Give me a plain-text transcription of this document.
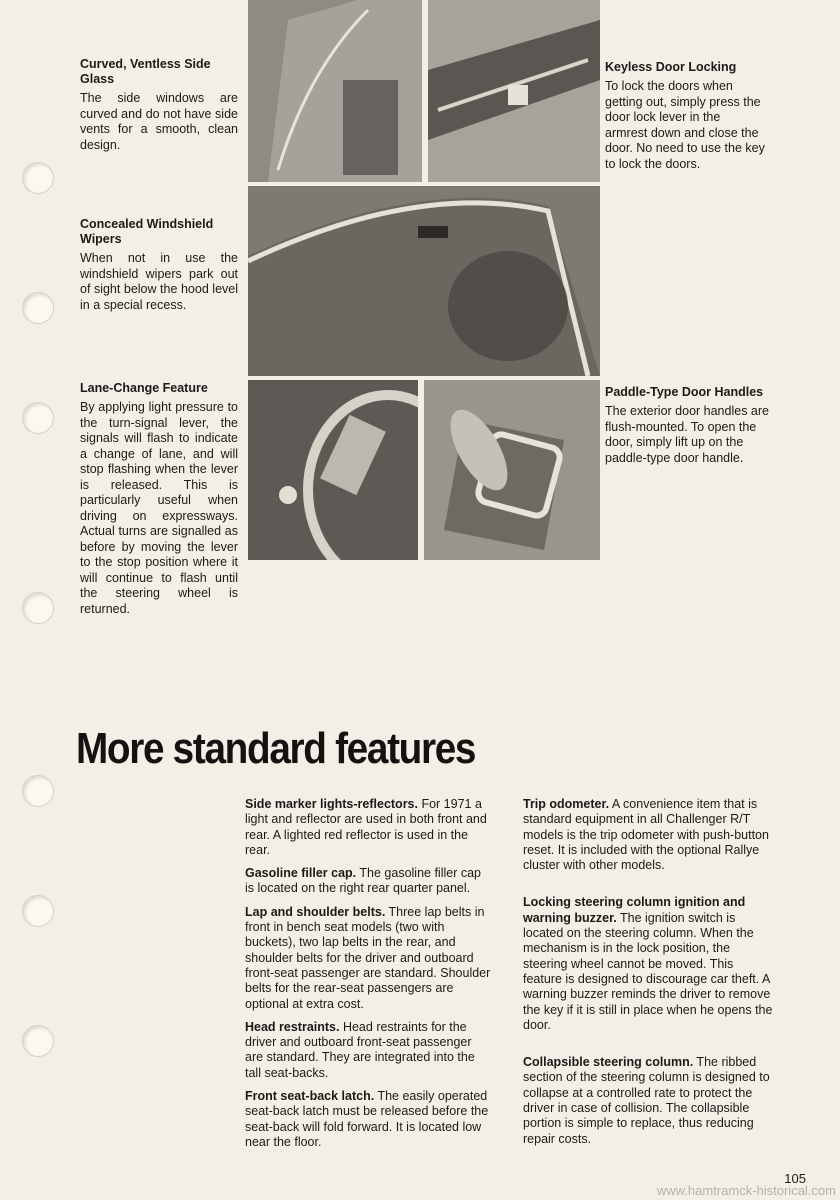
Curved, Ventless Side Glass

The side windows are curved and do not have side vents for a smooth, clean design.

Keyless Door Locking

To lock the doors when getting out, simply press the door lock lever in the armrest down and close the door. No need to use the key to lock the doors.

Concealed Windshield Wipers

When not in use the windshield wipers park out of sight below the hood level in a special recess.

Lane-Change Feature

By applying light pressure to the turn-signal lever, the signals will flash to indicate a change of lane, and will stop flashing when the lever is released. This is particularly useful when driving on expressways. Actual turns are signalled as before by moving the lever to the stop position where it will continue to flash until the steering wheel is returned.

Paddle-Type Door Handles

The exterior door handles are flush-mounted. To open the door, simply lift up on the paddle-type door handle.

More standard features

Side marker lights-reflectors. For 1971 a light and reflector are used in both front and rear. A lighted red reflector is used in the rear.

Gasoline filler cap. The gasoline filler cap is located on the right rear quarter panel.

Lap and shoulder belts. Three lap belts in front in bench seat models (two with buckets), two lap belts in the rear, and shoulder belts for the driver and outboard front-seat passenger are standard. Shoulder belts for the rear-seat passengers are optional at extra cost.

Head restraints. Head restraints for the driver and outboard front-seat passenger are standard. They are integrated into the tall seat-backs.

Front seat-back latch. The easily operated seat-back latch must be released before the seat-back will fold forward. It is located low near the floor.

Trip odometer. A convenience item that is standard equipment in all Challenger R/T models is the trip odometer with push-button reset. It is included with the optional Rallye cluster with other models.

Locking steering column ignition and warning buzzer. The ignition switch is located on the steering column. When the mechanism is in the lock position, the steering wheel cannot be moved. This feature is designed to discourage car theft. A warning buzzer reminds the driver to remove the key if it is still in place when he opens the door.

Collapsible steering column. The ribbed section of the steering column is designed to collapse at a controlled rate to protect the driver in case of collision. The collapsible portion is simple to replace, thus reducing repair costs.

105
www.hamtramck-historical.com
